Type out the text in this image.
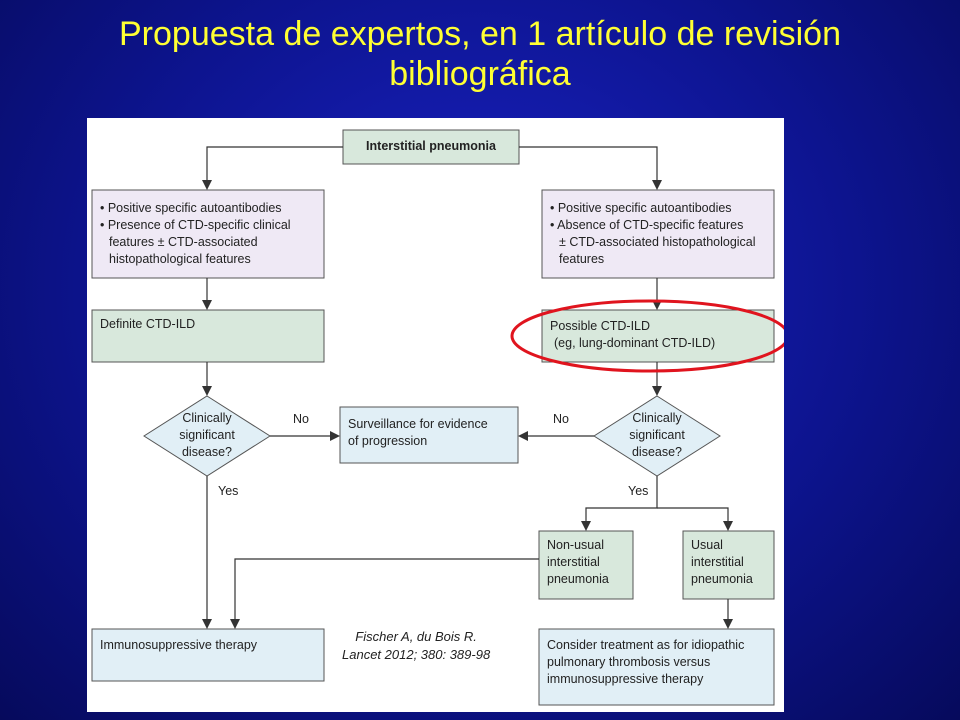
Propuesta de expertos, en 1 artículo de revisión
bibliográfica
Interstitial pneumonia
• Positive specific autoantibodies
• Presence of CTD-specific clinical
features ± CTD-associated
histopathological features
• Positive specific autoantibodies
• Absence of CTD-specific features
± CTD-associated histopathological
features
Definite CTD-ILD	Possible CTD-ILD
(eg, lung-dominant CTD-ILD)
Clinically
significant
disease?
Clinically
significant
disease?
Surveillance for evidence
of progression
Non-usual
interstitial
pneumonia
Usual
interstitial
pneumonia
Immunosuppressive therapy	Consider treatment as for idiopathic
pulmonary thrombosis versus
immunosuppressive therapy
No
Yes
No
Yes
Fischer A, du Bois R.
Lancet 2012; 380: 389-98
